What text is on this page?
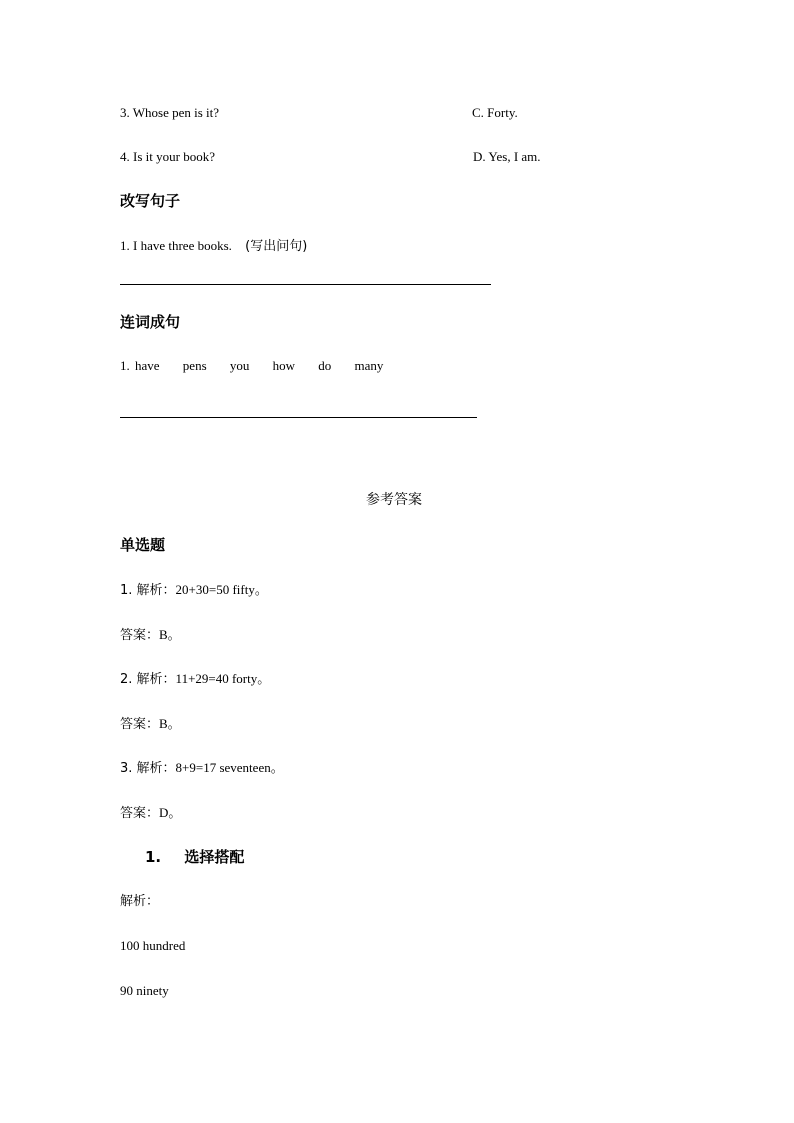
3. Whose pen is it?	C. Forty.
4. Is it your book?	D. Yes, I am.
改写句子
1. I have three books. (写出问句)
连词成句
1. have pens you how do many
参考答案
单选题
1. 解析：20+30=50 fifty。
答案：B。
2. 解析：11+29=40 forty。
答案：B。
3. 解析：8+9=17 seventeen。
答案：D。
1. 选择搭配
解析：
100 hundred
90 ninety
